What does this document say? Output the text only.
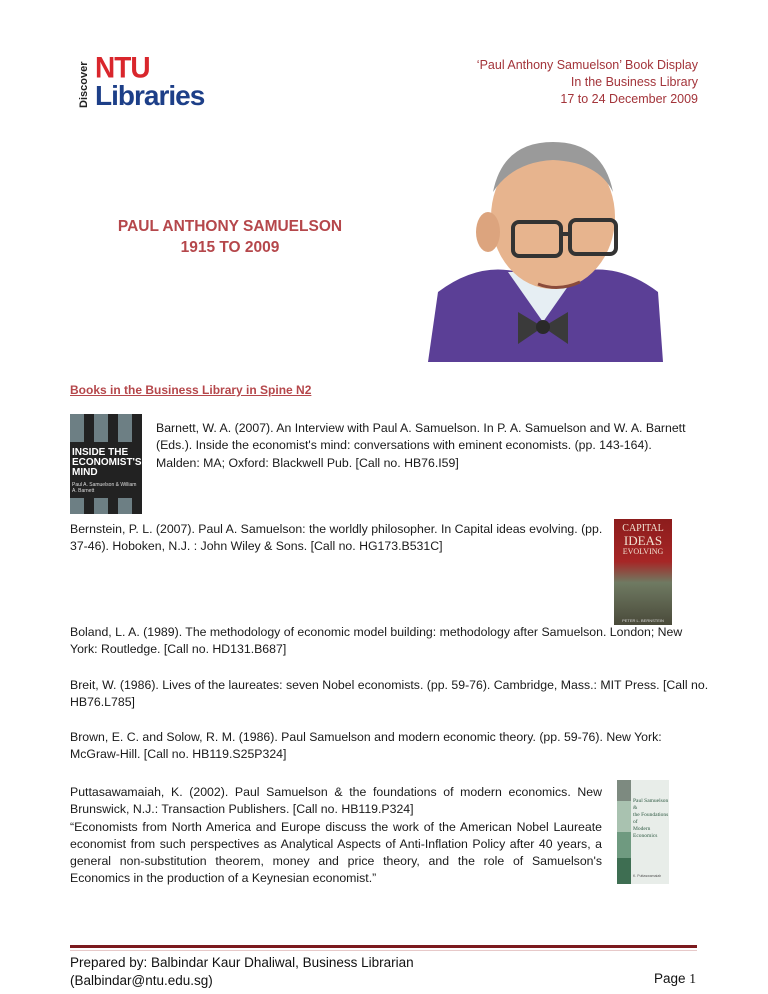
Discover NTU
Libraries
‘Paul Anthony Samuelson’ Book Display
In the Business Library
17 to 24 December 2009
PAUL ANTHONY SAMUELSON
1915 TO 2009
Books in the Business Library in Spine N2
INSIDE THE
ECONOMIST'S
MIND
Paul A. Samuelson & William A. Barnett
Barnett, W. A. (2007). An Interview with Paul A. Samuelson. In P. A. Samuelson and W. A. Barnett (Eds.). Inside the economist's mind: conversations with eminent economists. (pp. 143-164). Malden: MA; Oxford: Blackwell Pub. [Call no. HB76.I59]
Bernstein, P. L. (2007). Paul A. Samuelson: the worldly philosopher. In Capital ideas evolving. (pp. 37-46). Hoboken, N.J. : John Wiley & Sons. [Call no. HG173.B531C]
CAPITAL
IDEAS
EVOLVING
PETER L. BERNSTEIN
Boland, L. A. (1989). The methodology of economic model building: methodology after Samuelson. London; New York: Routledge. [Call no. HD131.B687]
Breit, W. (1986). Lives of the laureates: seven Nobel economists. (pp. 59-76). Cambridge, Mass.: MIT Press. [Call no. HB76.L785]
Brown, E. C. and Solow, R. M. (1986). Paul Samuelson and modern economic theory. (pp. 59-76). New York: McGraw-Hill. [Call no. HB119.S25P324]
Puttasawamaiah, K. (2002). Paul Samuelson & the foundations of modern economics. New Brunswick, N.J.: Transaction Publishers. [Call no. HB119.P324]
“Economists from North America and Europe discuss the work of the American Nobel Laureate economist from such perspectives as Analytical Aspects of Anti-Inflation Policy after 40 years, a general non-substitution theorem, money and price theory, and the role of Samuelson's Economics in the production of a Keynesian economist.”
Paul Samuelson &
the Foundations of
Modern Economics
K. Puttaswamaiah
Prepared by: Balbindar Kaur Dhaliwal, Business Librarian
(Balbindar@ntu.edu.sg)	Page 1
